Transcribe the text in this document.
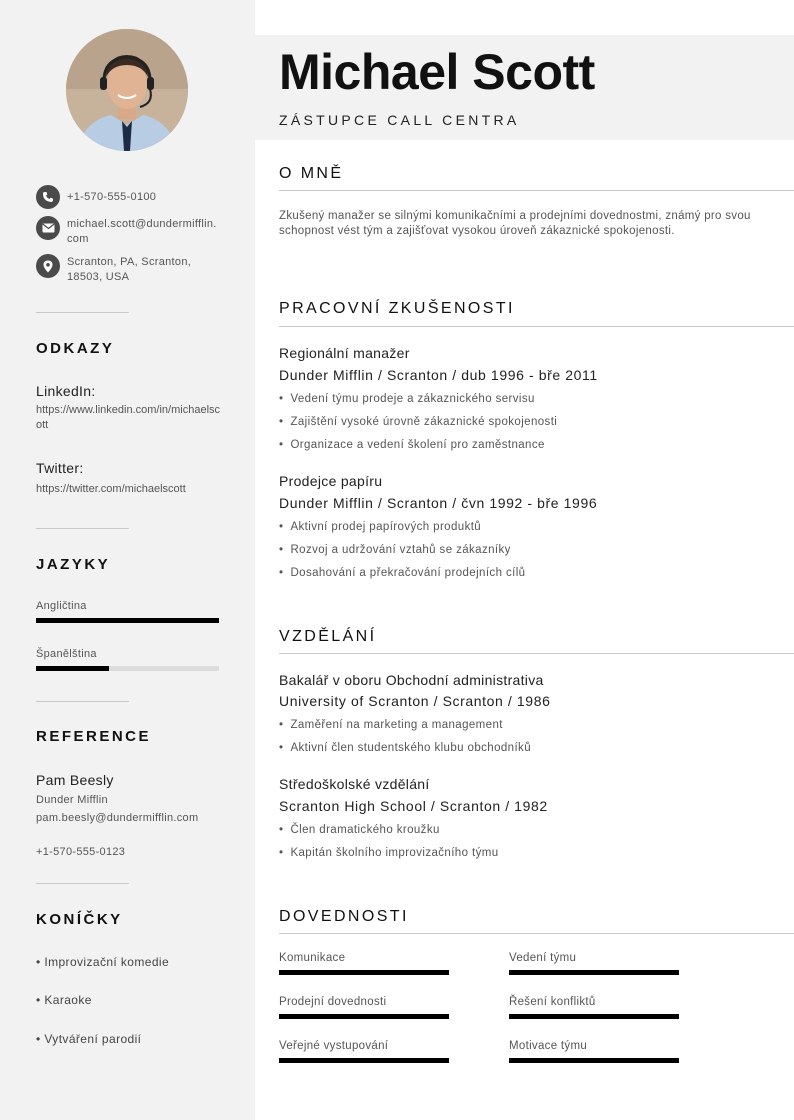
+1-570-555-0100
michael.scott@dundermifflin.com
Scranton, PA, Scranton, 18503, USA
ODKAZY
LinkedIn:
https://www.linkedin.com/in/michaelscott
Twitter:
https://twitter.com/michaelscott
JAZYKY
Angličtina
Španělština
REFERENCE
Pam Beesly
Dunder Mifflin
pam.beesly@dundermifflin.com
+1-570-555-0123
KONÍČKY
• Improvizační komedie
• Karaoke
• Vytváření parodií
Michael Scott
ZÁSTUPCE CALL CENTRA
O MNĚ
Zkušený manažer se silnými komunikačními a prodejními dovednostmi, známý pro svou schopnost vést tým a zajišťovat vysokou úroveň zákaznické spokojenosti.
PRACOVNÍ ZKUŠENOSTI
Regionální manažer
Dunder Mifflin / Scranton / dub 1996 - bře 2011
• Vedení týmu prodeje a zákaznického servisu
• Zajištění vysoké úrovně zákaznické spokojenosti
• Organizace a vedení školení pro zaměstnance
Prodejce papíru
Dunder Mifflin / Scranton / čvn 1992 - bře 1996
• Aktivní prodej papírových produktů
• Rozvoj a udržování vztahů se zákazníky
• Dosahování a překračování prodejních cílů
VZDĚLÁNÍ
Bakalář v oboru Obchodní administrativa
University of Scranton / Scranton / 1986
• Zaměření na marketing a management
• Aktivní člen studentského klubu obchodníků
Středoškolské vzdělání
Scranton High School / Scranton / 1982
• Člen dramatického kroužku
• Kapitán školního improvizačního týmu
DOVEDNOSTI
Komunikace	Vedení týmu
Prodejní dovednosti	Řešení konfliktů
Veřejné vystupování	Motivace týmu
